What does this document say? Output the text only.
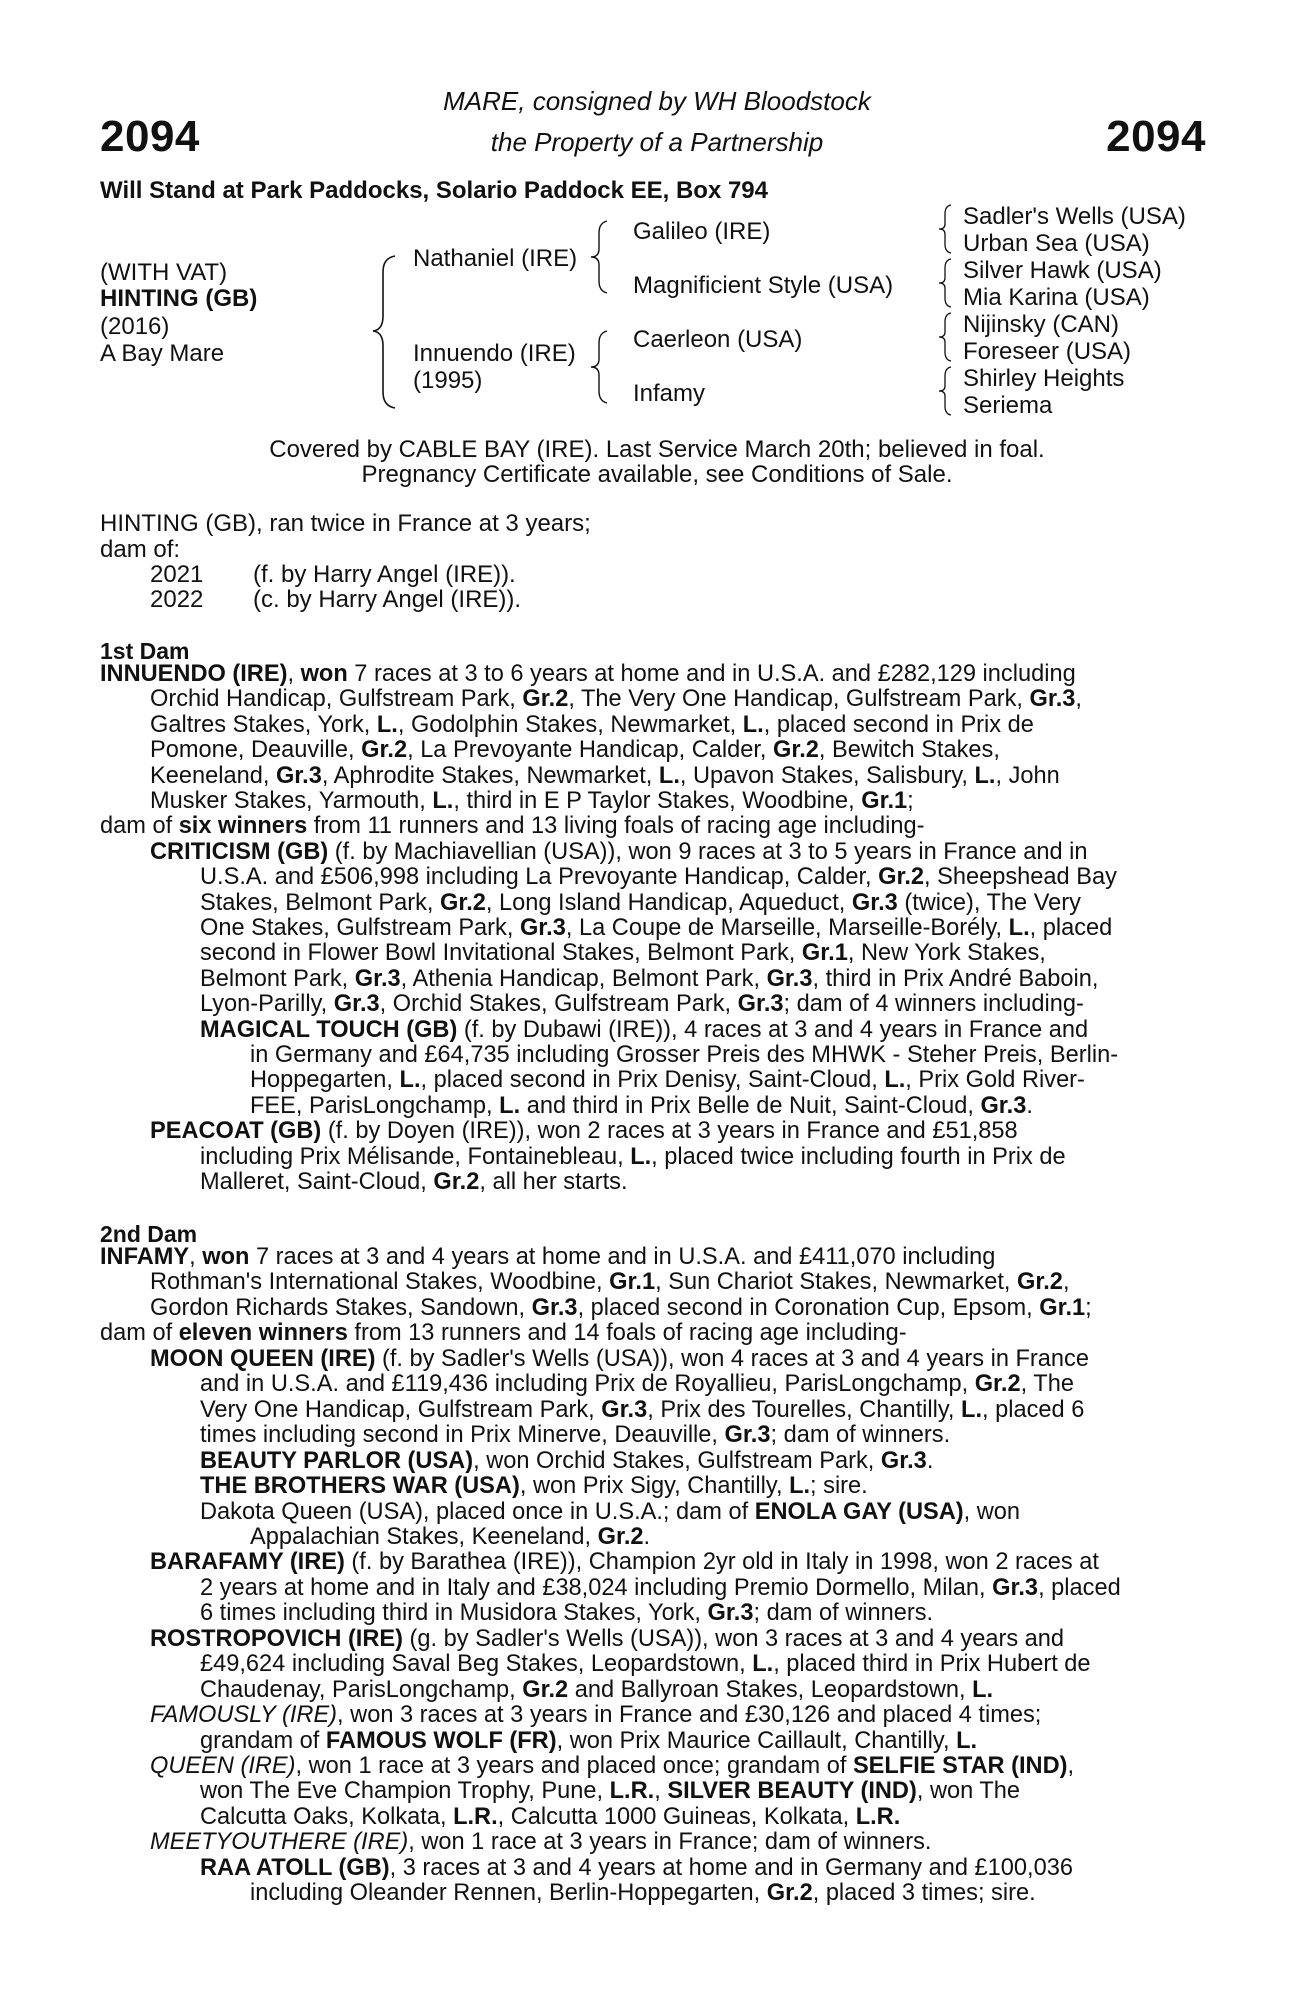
2094	2094
MARE, consigned by WH Bloodstock
the Property of a Partnership
Will Stand at Park Paddocks, Solario Paddock EE, Box 794
(WITH VAT)
HINTING (GB)
(2016)
A Bay Mare
Nathaniel (IRE)
Innuendo (IRE)
(1995)
Galileo (IRE)
Magnificient Style (USA)
Caerleon (USA)
Infamy
Sadler's Wells (USA)
Urban Sea (USA)
Silver Hawk (USA)
Mia Karina (USA)
Nijinsky (CAN)
Foreseer (USA)
Shirley Heights
Seriema
Covered by CABLE BAY (IRE). Last Service March 20th; believed in foal.
Pregnancy Certificate available, see Conditions of Sale.
HINTING (GB), ran twice in France at 3 years;
dam of:
2021 (f. by Harry Angel (IRE)).
2022 (c. by Harry Angel (IRE)).
1st Dam
INNUENDO (IRE), won 7 races at 3 to 6 years at home and in U.S.A. and £282,129 including
Orchid Handicap, Gulfstream Park, Gr.2, The Very One Handicap, Gulfstream Park, Gr.3,
Galtres Stakes, York, L., Godolphin Stakes, Newmarket, L., placed second in Prix de
Pomone, Deauville, Gr.2, La Prevoyante Handicap, Calder, Gr.2, Bewitch Stakes,
Keeneland, Gr.3, Aphrodite Stakes, Newmarket, L., Upavon Stakes, Salisbury, L., John
Musker Stakes, Yarmouth, L., third in E P Taylor Stakes, Woodbine, Gr.1;
dam of six winners from 11 runners and 13 living foals of racing age including-
CRITICISM (GB) (f. by Machiavellian (USA)), won 9 races at 3 to 5 years in France and in
U.S.A. and £506,998 including La Prevoyante Handicap, Calder, Gr.2, Sheepshead Bay
Stakes, Belmont Park, Gr.2, Long Island Handicap, Aqueduct, Gr.3 (twice), The Very
One Stakes, Gulfstream Park, Gr.3, La Coupe de Marseille, Marseille-Borély, L., placed
second in Flower Bowl Invitational Stakes, Belmont Park, Gr.1, New York Stakes,
Belmont Park, Gr.3, Athenia Handicap, Belmont Park, Gr.3, third in Prix André Baboin,
Lyon-Parilly, Gr.3, Orchid Stakes, Gulfstream Park, Gr.3; dam of 4 winners including-
MAGICAL TOUCH (GB) (f. by Dubawi (IRE)), 4 races at 3 and 4 years in France and
in Germany and £64,735 including Grosser Preis des MHWK - Steher Preis, Berlin-
Hoppegarten, L., placed second in Prix Denisy, Saint-Cloud, L., Prix Gold River-
FEE, ParisLongchamp, L. and third in Prix Belle de Nuit, Saint-Cloud, Gr.3.
PEACOAT (GB) (f. by Doyen (IRE)), won 2 races at 3 years in France and £51,858
including Prix Mélisande, Fontainebleau, L., placed twice including fourth in Prix de
Malleret, Saint-Cloud, Gr.2, all her starts.
2nd Dam
INFAMY, won 7 races at 3 and 4 years at home and in U.S.A. and £411,070 including
Rothman's International Stakes, Woodbine, Gr.1, Sun Chariot Stakes, Newmarket, Gr.2,
Gordon Richards Stakes, Sandown, Gr.3, placed second in Coronation Cup, Epsom, Gr.1;
dam of eleven winners from 13 runners and 14 foals of racing age including-
MOON QUEEN (IRE) (f. by Sadler's Wells (USA)), won 4 races at 3 and 4 years in France
and in U.S.A. and £119,436 including Prix de Royallieu, ParisLongchamp, Gr.2, The
Very One Handicap, Gulfstream Park, Gr.3, Prix des Tourelles, Chantilly, L., placed 6
times including second in Prix Minerve, Deauville, Gr.3; dam of winners.
BEAUTY PARLOR (USA), won Orchid Stakes, Gulfstream Park, Gr.3.
THE BROTHERS WAR (USA), won Prix Sigy, Chantilly, L.; sire.
Dakota Queen (USA), placed once in U.S.A.; dam of ENOLA GAY (USA), won
Appalachian Stakes, Keeneland, Gr.2.
BARAFAMY (IRE) (f. by Barathea (IRE)), Champion 2yr old in Italy in 1998, won 2 races at
2 years at home and in Italy and £38,024 including Premio Dormello, Milan, Gr.3, placed
6 times including third in Musidora Stakes, York, Gr.3; dam of winners.
ROSTROPOVICH (IRE) (g. by Sadler's Wells (USA)), won 3 races at 3 and 4 years and
£49,624 including Saval Beg Stakes, Leopardstown, L., placed third in Prix Hubert de
Chaudenay, ParisLongchamp, Gr.2 and Ballyroan Stakes, Leopardstown, L.
FAMOUSLY (IRE), won 3 races at 3 years in France and £30,126 and placed 4 times;
grandam of FAMOUS WOLF (FR), won Prix Maurice Caillault, Chantilly, L.
QUEEN (IRE), won 1 race at 3 years and placed once; grandam of SELFIE STAR (IND),
won The Eve Champion Trophy, Pune, L.R., SILVER BEAUTY (IND), won The
Calcutta Oaks, Kolkata, L.R., Calcutta 1000 Guineas, Kolkata, L.R.
MEETYOUTHERE (IRE), won 1 race at 3 years in France; dam of winners.
RAA ATOLL (GB), 3 races at 3 and 4 years at home and in Germany and £100,036
including Oleander Rennen, Berlin-Hoppegarten, Gr.2, placed 3 times; sire.
